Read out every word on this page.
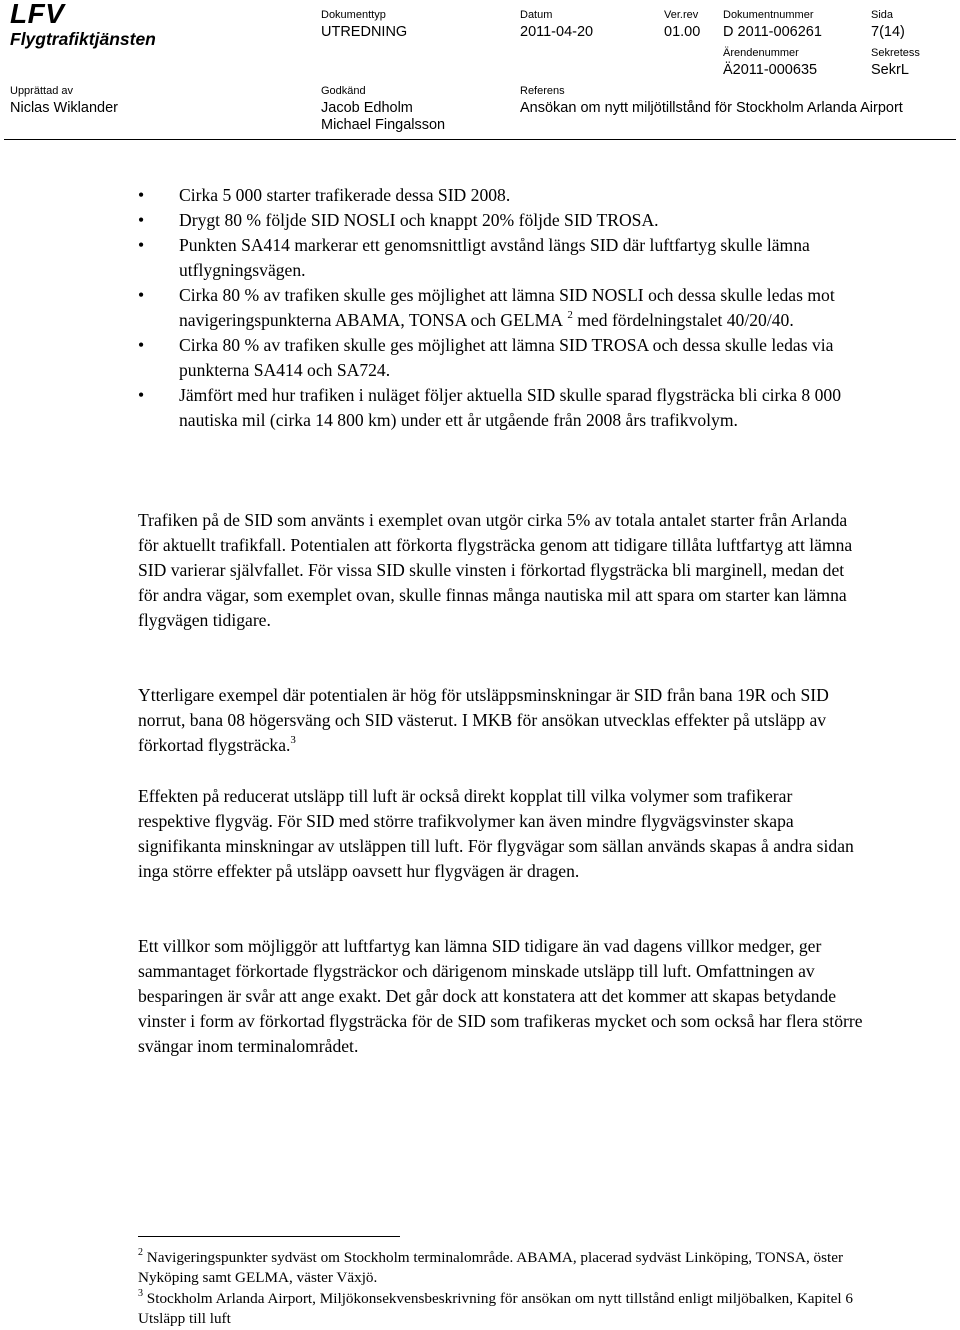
LFV
Flygtrafiktjänsten
Dokumenttyp
UTREDNING
Datum
2011-04-20
Ver.rev
01.00
Dokumentnummer
D 2011-006261
Sida
7(14)
Ärendenummer
Ä2011-000635
Sekretess
SekrL
Upprättad av
Niclas Wiklander
Godkänd
Jacob Edholm
Michael Fingalsson
Referens
Ansökan om nytt miljötillstånd för Stockholm Arlanda Airport
• Cirka 5 000 starter trafikerade dessa SID 2008.
• Drygt 80 % följde SID NOSLI och knappt 20% följde SID TROSA.
• Punkten SA414 markerar ett genomsnittligt avstånd längs SID där luftfartyg skulle lämna utflygningsvägen.
• Cirka 80 % av trafiken skulle ges möjlighet att lämna SID NOSLI och dessa skulle ledas mot navigeringspunkterna ABAMA, TONSA och GELMA $^2$ med fördelningstalet 40/20/40.
• Cirka 80 % av trafiken skulle ges möjlighet att lämna SID TROSA och dessa skulle ledas via punkterna SA414 och SA724.
• Jämfört med hur trafiken i nuläget följer aktuella SID skulle sparad flygsträcka bli cirka 8 000 nautiska mil (cirka 14 800 km) under ett år utgående från 2008 års trafikvolym.

Trafiken på de SID som använts i exemplet ovan utgör cirka 5% av totala antalet starter från Arlanda för aktuellt trafikfall. Potentialen att förkorta flygsträcka genom att tidigare tillåta luftfartyg att lämna SID varierar självfallet. För vissa SID skulle vinsten i förkortad flygsträcka bli marginell, medan det för andra vägar, som exemplet ovan, skulle finnas många nautiska mil att spara om starter kan lämna flygvägen tidigare.

Ytterligare exempel där potentialen är hög för utsläppsminskningar är SID från bana 19R och SID norrut, bana 08 högersväng och SID västerut. I MKB för ansökan utvecklas effekter på utsläpp av förkortad flygsträcka.$^3$

Effekten på reducerat utsläpp till luft är också direkt kopplat till vilka volymer som trafikerar respektive flygväg. För SID med större trafikvolymer kan även mindre flygvägsvinster skapa signifikanta minskningar av utsläppen till luft. För flygvägar som sällan används skapas å andra sidan inga större effekter på utsläpp oavsett hur flygvägen är dragen.

Ett villkor som möjliggör att luftfartyg kan lämna SID tidigare än vad dagens villkor medger, ger sammantaget förkortade flygsträckor och därigenom minskade utsläpp till luft. Omfattningen av besparingen är svår att ange exakt. Det går dock att konstatera att det kommer att skapas betydande vinster i form av förkortad flygsträcka för de SID som trafikeras mycket och som också har flera större svängar inom terminalområdet.

$^2$ Navigeringspunkter sydväst om Stockholm terminalområde. ABAMA, placerad sydväst Linköping, TONSA, öster Nyköping samt GELMA, väster Växjö.

$^3$ Stockholm Arlanda Airport, Miljökonsekvensbeskrivning för ansökan om nytt tillstånd enligt miljöbalken, Kapitel 6 Utsläpp till luft
